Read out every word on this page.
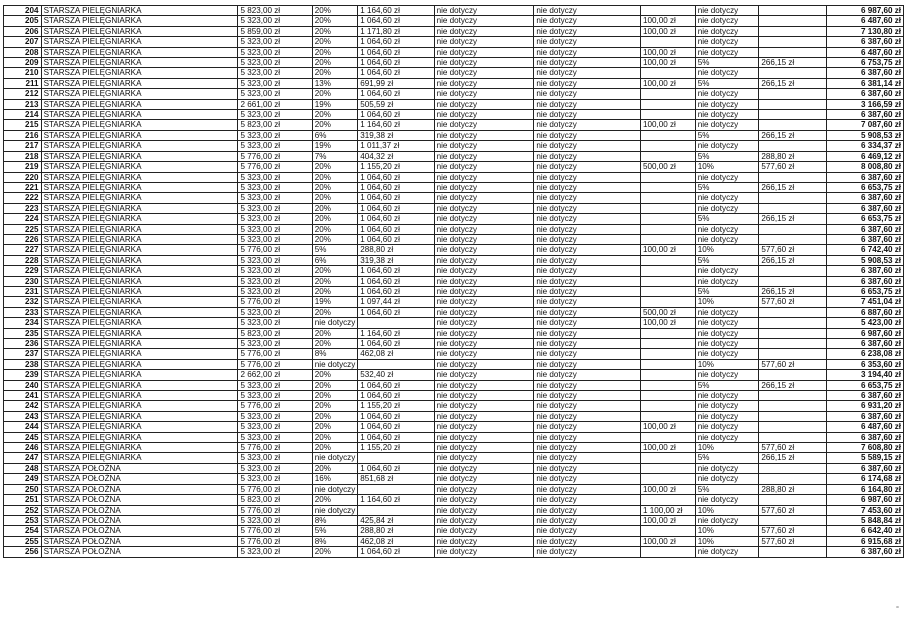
204	STARSZA PIELĘGNIARKA	5 823,00 zł	20%	1 164,60 zł	nie dotyczy	nie dotyczy		nie dotyczy		6 987,60 zł
205	STARSZA PIELĘGNIARKA	5 323,00 zł	20%	1 064,60 zł	nie dotyczy	nie dotyczy	100,00 zł	nie dotyczy		6 487,60 zł
206	STARSZA PIELĘGNIARKA	5 859,00 zł	20%	1 171,80 zł	nie dotyczy	nie dotyczy	100,00 zł	nie dotyczy		7 130,80 zł
207	STARSZA PIELĘGNIARKA	5 323,00 zł	20%	1 064,60 zł	nie dotyczy	nie dotyczy		nie dotyczy		6 387,60 zł
208	STARSZA PIELĘGNIARKA	5 323,00 zł	20%	1 064,60 zł	nie dotyczy	nie dotyczy	100,00 zł	nie dotyczy		6 487,60 zł
209	STARSZA PIELĘGNIARKA	5 323,00 zł	20%	1 064,60 zł	nie dotyczy	nie dotyczy	100,00 zł	5%	266,15 zł	6 753,75 zł
210	STARSZA PIELĘGNIARKA	5 323,00 zł	20%	1 064,60 zł	nie dotyczy	nie dotyczy		nie dotyczy		6 387,60 zł
211	STARSZA PIELĘGNIARKA	5 323,00 zł	13%	691,99 zł	nie dotyczy	nie dotyczy	100,00 zł	5%	266,15 zł	6 381,14 zł
212	STARSZA PIELĘGNIARKA	5 323,00 zł	20%	1 064,60 zł	nie dotyczy	nie dotyczy		nie dotyczy		6 387,60 zł
213	STARSZA PIELĘGNIARKA	2 661,00 zł	19%	505,59 zł	nie dotyczy	nie dotyczy		nie dotyczy		3 166,59 zł
214	STARSZA PIELĘGNIARKA	5 323,00 zł	20%	1 064,60 zł	nie dotyczy	nie dotyczy		nie dotyczy		6 387,60 zł
215	STARSZA PIELĘGNIARKA	5 823,00 zł	20%	1 164,60 zł	nie dotyczy	nie dotyczy	100,00 zł	nie dotyczy		7 087,60 zł
216	STARSZA PIELĘGNIARKA	5 323,00 zł	6%	319,38 zł	nie dotyczy	nie dotyczy		5%	266,15 zł	5 908,53 zł
217	STARSZA PIELĘGNIARKA	5 323,00 zł	19%	1 011,37 zł	nie dotyczy	nie dotyczy		nie dotyczy		6 334,37 zł
218	STARSZA PIELĘGNIARKA	5 776,00 zł	7%	404,32 zł	nie dotyczy	nie dotyczy		5%	288,80 zł	6 469,12 zł
219	STARSZA PIELĘGNIARKA	5 776,00 zł	20%	1 155,20 zł	nie dotyczy	nie dotyczy	500,00 zł	10%	577,60 zł	8 008,80 zł
220	STARSZA PIELĘGNIARKA	5 323,00 zł	20%	1 064,60 zł	nie dotyczy	nie dotyczy		nie dotyczy		6 387,60 zł
221	STARSZA PIELĘGNIARKA	5 323,00 zł	20%	1 064,60 zł	nie dotyczy	nie dotyczy		5%	266,15 zł	6 653,75 zł
222	STARSZA PIELĘGNIARKA	5 323,00 zł	20%	1 064,60 zł	nie dotyczy	nie dotyczy		nie dotyczy		6 387,60 zł
223	STARSZA PIELĘGNIARKA	5 323,00 zł	20%	1 064,60 zł	nie dotyczy	nie dotyczy		nie dotyczy		6 387,60 zł
224	STARSZA PIELĘGNIARKA	5 323,00 zł	20%	1 064,60 zł	nie dotyczy	nie dotyczy		5%	266,15 zł	6 653,75 zł
225	STARSZA PIELĘGNIARKA	5 323,00 zł	20%	1 064,60 zł	nie dotyczy	nie dotyczy		nie dotyczy		6 387,60 zł
226	STARSZA PIELĘGNIARKA	5 323,00 zł	20%	1 064,60 zł	nie dotyczy	nie dotyczy		nie dotyczy		6 387,60 zł
227	STARSZA PIELĘGNIARKA	5 776,00 zł	5%	288,80 zł	nie dotyczy	nie dotyczy	100,00 zł	10%	577,60 zł	6 742,40 zł
228	STARSZA PIELĘGNIARKA	5 323,00 zł	6%	319,38 zł	nie dotyczy	nie dotyczy		5%	266,15 zł	5 908,53 zł
229	STARSZA PIELĘGNIARKA	5 323,00 zł	20%	1 064,60 zł	nie dotyczy	nie dotyczy		nie dotyczy		6 387,60 zł
230	STARSZA PIELĘGNIARKA	5 323,00 zł	20%	1 064,60 zł	nie dotyczy	nie dotyczy		nie dotyczy		6 387,60 zł
231	STARSZA PIELĘGNIARKA	5 323,00 zł	20%	1 064,60 zł	nie dotyczy	nie dotyczy		5%	266,15 zł	6 653,75 zł
232	STARSZA PIELĘGNIARKA	5 776,00 zł	19%	1 097,44 zł	nie dotyczy	nie dotyczy		10%	577,60 zł	7 451,04 zł
233	STARSZA PIELĘGNIARKA	5 323,00 zł	20%	1 064,60 zł	nie dotyczy	nie dotyczy	500,00 zł	nie dotyczy		6 887,60 zł
234	STARSZA PIELĘGNIARKA	5 323,00 zł	nie dotyczy		nie dotyczy	nie dotyczy	100,00 zł	nie dotyczy		5 423,00 zł
235	STARSZA PIELĘGNIARKA	5 823,00 zł	20%	1 164,60 zł	nie dotyczy	nie dotyczy		nie dotyczy		6 987,60 zł
236	STARSZA PIELĘGNIARKA	5 323,00 zł	20%	1 064,60 zł	nie dotyczy	nie dotyczy		nie dotyczy		6 387,60 zł
237	STARSZA PIELĘGNIARKA	5 776,00 zł	8%	462,08 zł	nie dotyczy	nie dotyczy		nie dotyczy		6 238,08 zł
238	STARSZA PIELĘGNIARKA	5 776,00 zł	nie dotyczy		nie dotyczy	nie dotyczy		10%	577,60 zł	6 353,60 zł
239	STARSZA PIELĘGNIARKA	2 662,00 zł	20%	532,40 zł	nie dotyczy	nie dotyczy		nie dotyczy		3 194,40 zł
240	STARSZA PIELĘGNIARKA	5 323,00 zł	20%	1 064,60 zł	nie dotyczy	nie dotyczy		5%	266,15 zł	6 653,75 zł
241	STARSZA PIELĘGNIARKA	5 323,00 zł	20%	1 064,60 zł	nie dotyczy	nie dotyczy		nie dotyczy		6 387,60 zł
242	STARSZA PIELĘGNIARKA	5 776,00 zł	20%	1 155,20 zł	nie dotyczy	nie dotyczy		nie dotyczy		6 931,20 zł
243	STARSZA PIELĘGNIARKA	5 323,00 zł	20%	1 064,60 zł	nie dotyczy	nie dotyczy		nie dotyczy		6 387,60 zł
244	STARSZA PIELĘGNIARKA	5 323,00 zł	20%	1 064,60 zł	nie dotyczy	nie dotyczy	100,00 zł	nie dotyczy		6 487,60 zł
245	STARSZA PIELĘGNIARKA	5 323,00 zł	20%	1 064,60 zł	nie dotyczy	nie dotyczy		nie dotyczy		6 387,60 zł
246	STARSZA PIELĘGNIARKA	5 776,00 zł	20%	1 155,20 zł	nie dotyczy	nie dotyczy	100,00 zł	10%	577,60 zł	7 608,80 zł
247	STARSZA PIELĘGNIARKA	5 323,00 zł	nie dotyczy		nie dotyczy	nie dotyczy		5%	266,15 zł	5 589,15 zł
248	STARSZA POŁOŻNA	5 323,00 zł	20%	1 064,60 zł	nie dotyczy	nie dotyczy		nie dotyczy		6 387,60 zł
249	STARSZA POŁOŻNA	5 323,00 zł	16%	851,68 zł	nie dotyczy	nie dotyczy		nie dotyczy		6 174,68 zł
250	STARSZA POŁOŻNA	5 776,00 zł	nie dotyczy		nie dotyczy	nie dotyczy	100,00 zł	5%	288,80 zł	6 164,80 zł
251	STARSZA POŁOŻNA	5 823,00 zł	20%	1 164,60 zł	nie dotyczy	nie dotyczy		nie dotyczy		6 987,60 zł
252	STARSZA POŁOŻNA	5 776,00 zł	nie dotyczy		nie dotyczy	nie dotyczy	1 100,00 zł	10%	577,60 zł	7 453,60 zł
253	STARSZA POŁOŻNA	5 323,00 zł	8%	425,84 zł	nie dotyczy	nie dotyczy	100,00 zł	nie dotyczy		5 848,84 zł
254	STARSZA POŁOŻNA	5 776,00 zł	5%	288,80 zł	nie dotyczy	nie dotyczy		10%	577,60 zł	6 642,40 zł
255	STARSZA POŁOŻNA	5 776,00 zł	8%	462,08 zł	nie dotyczy	nie dotyczy	100,00 zł	10%	577,60 zł	6 915,68 zł
256	STARSZA POŁOŻNA	5 323,00 zł	20%	1 064,60 zł	nie dotyczy	nie dotyczy		nie dotyczy		6 387,60 zł
